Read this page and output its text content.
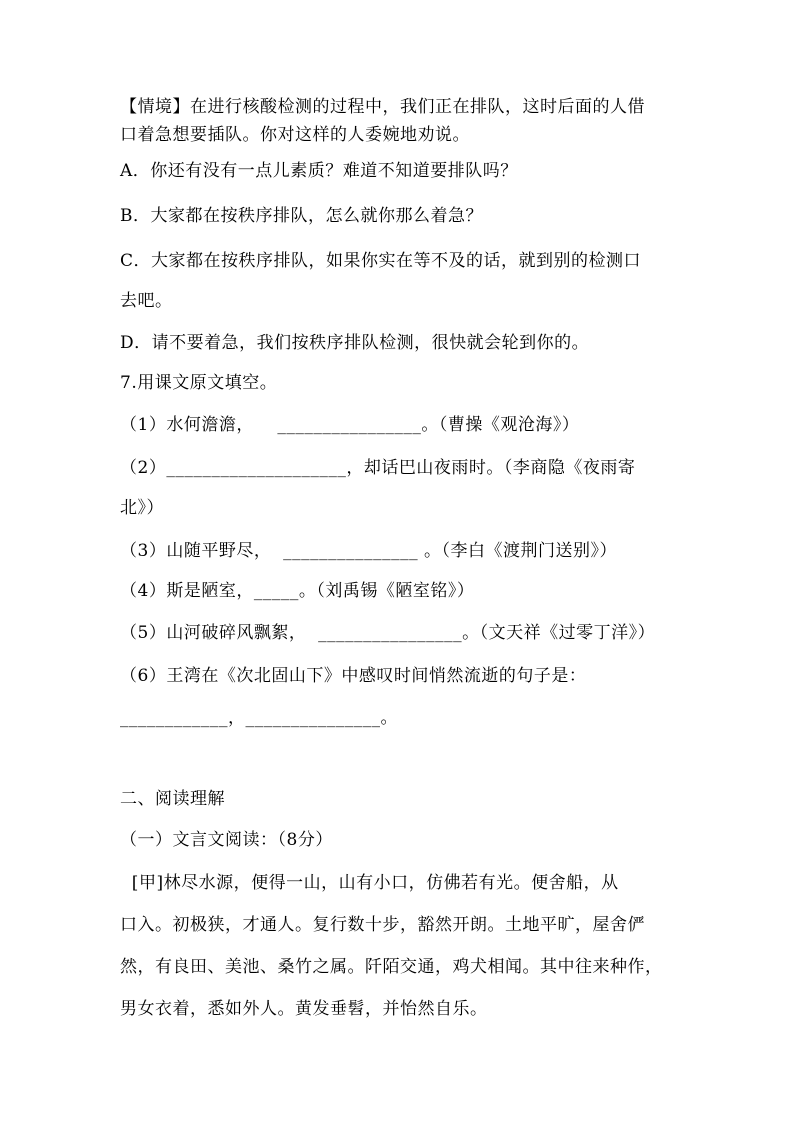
【情境】在进行核酸检测的过程中，我们正在排队，这时后面的人借
口着急想要插队。你对这样的人委婉地劝说。
A．你还有没有一点儿素质？难道不知道要排队吗？
B．大家都在按秩序排队，怎么就你那么着急？
C．大家都在按秩序排队，如果你实在等不及的话，就到别的检测口
去吧。
D．请不要着急，我们按秩序排队检测，很快就会轮到你的。
7.用课文原文填空。
（1）水何澹澹，    ________________。（曹操《观沧海》）
（2）____________________，却话巴山夜雨时。（李商隐《夜雨寄
北》）
（3）山随平野尽，  _______________ 。（李白《渡荆门送别》）
（4）斯是陋室，_____。（刘禹锡《陋室铭》）
（5）山河破碎风飘絮，  ________________。（文天祥《过零丁洋》）
（6）王湾在《次北固山下》中感叹时间悄然流逝的句子是：
____________，_______________。
二、阅读理解
（一）文言文阅读：（8分）
[甲]林尽水源，便得一山，山有小口，仿佛若有光。便舍船，从
口入。初极狭，才通人。复行数十步，豁然开朗。土地平旷，屋舍俨
然，有良田、美池、桑竹之属。阡陌交通，鸡犬相闻。其中往来种作，
男女衣着，悉如外人。黄发垂髫，并怡然自乐。
